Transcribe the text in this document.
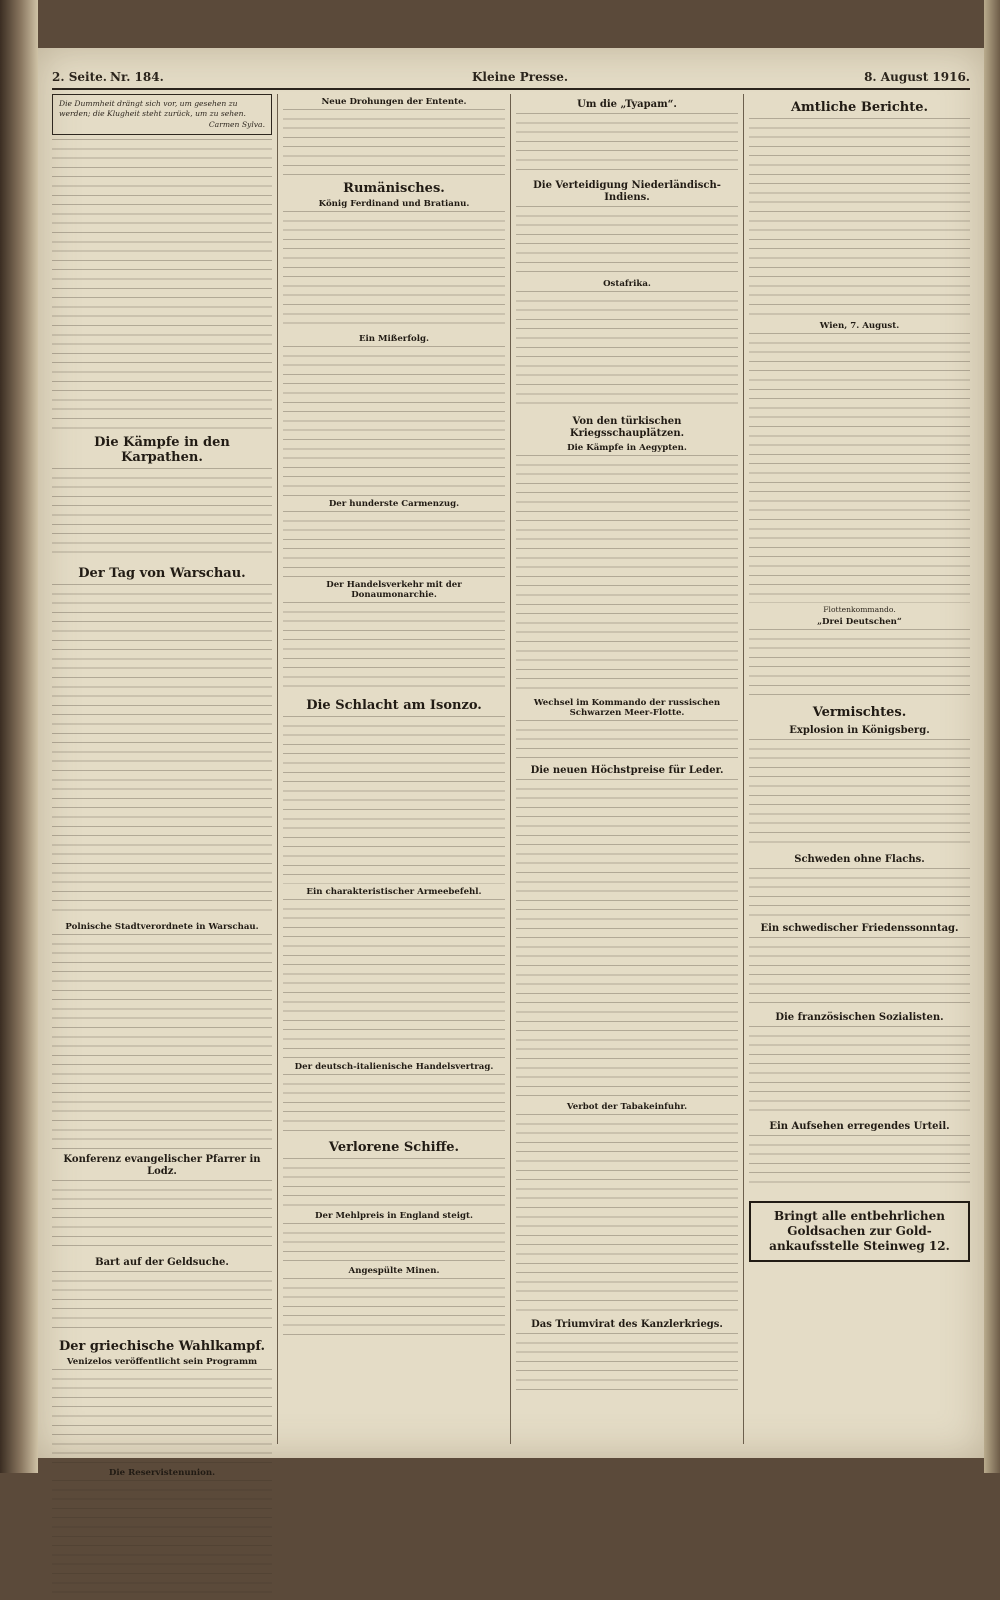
2. Seite. Nr. 184.	Kleine Presse.	8. August 1916.
Die Dummheit drängt sich vor, um gesehen zu werden; die Klugheit steht zurück, um zu sehen.
Carmen Sylva.
Die Kämpfe in den Karpathen.
Der Tag von Warschau.
Polnische Stadtverordnete in Warschau.
Konferenz evangelischer Pfarrer in Lodz.
Bart auf der Geldsuche.
Der griechische Wahlkampf.
Venizelos veröffentlicht sein Programm
Die Reservistenunion.
Neue Drohungen der Entente.
Rumänisches.
König Ferdinand und Bratianu.
Ein Mißerfolg.
Der hunderste Carmenzug.
Der Handelsverkehr mit der Donaumonarchie.
Die Schlacht am Isonzo.
Ein charakteristischer Armeebefehl.
Der deutsch-italienische Handelsvertrag.
Verlorene Schiffe.
Der Mehlpreis in England steigt.
Angespülte Minen.
Um die „Tyapam“.
Die Verteidigung Niederländisch-Indiens.
Ostafrika.
Von den türkischen Kriegsschauplätzen.
Die Kämpfe in Aegypten.
Wechsel im Kommando der russischen Schwarzen Meer-Flotte.
Die neuen Höchstpreise für Leder.
Verbot der Tabakeinfuhr.
Das Triumvirat des Kanzlerkriegs.
Amtliche Berichte.
Wien, 7. August.
Flottenkommando.
„Drei Deutschen“
Vermischtes.
Explosion in Königsberg.
Schweden ohne Flachs.
Ein schwedischer Friedenssonntag.
Die französischen Sozialisten.
Ein Aufsehen erregendes Urteil.
Bringt alle entbehrlichen
Goldsachen zur Gold-
ankaufsstelle Steinweg 12.
